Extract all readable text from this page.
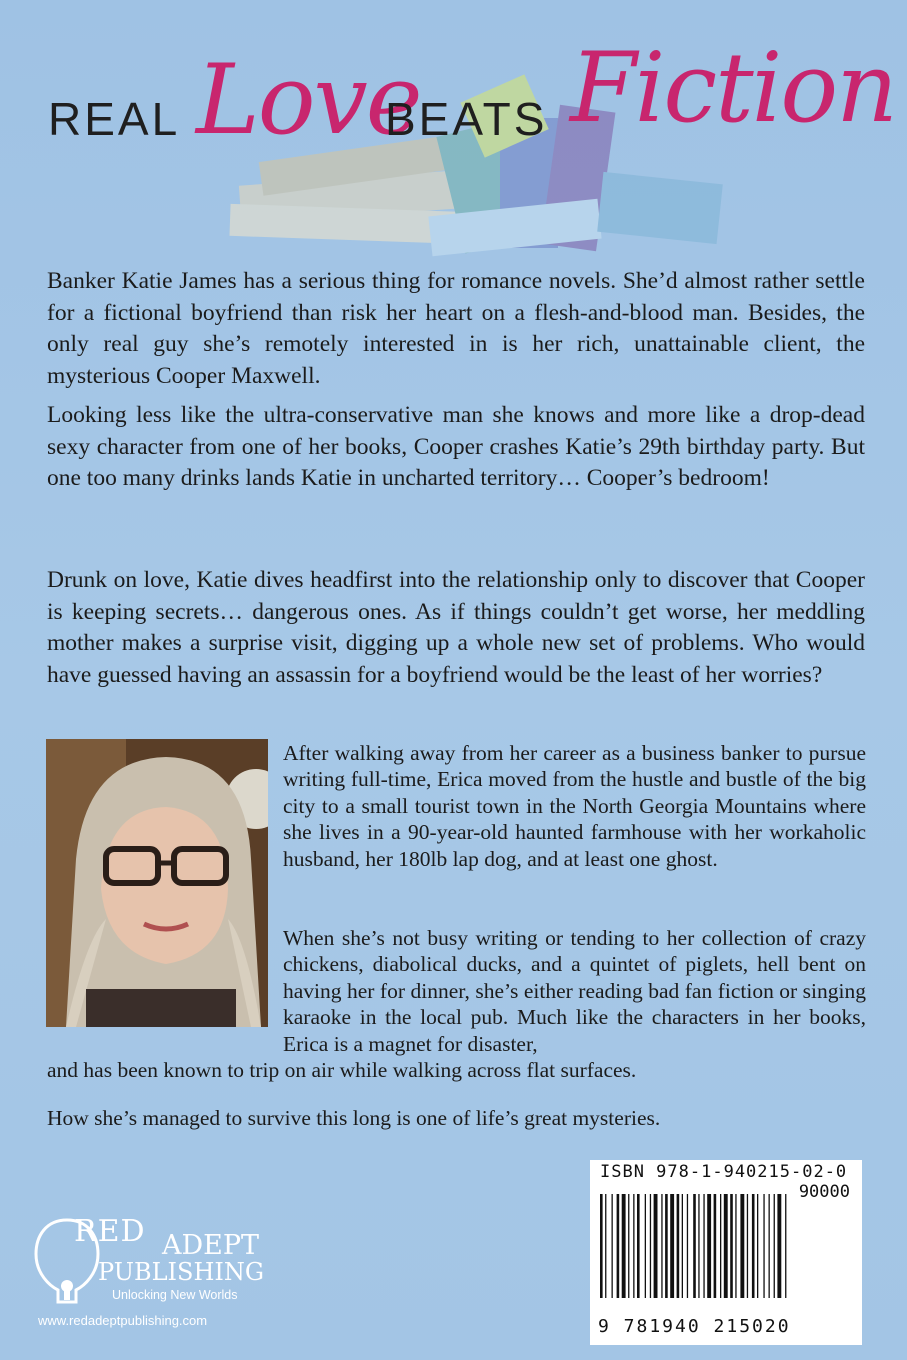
REAL Love
BEATS Fiction

Banker Katie James has a serious thing for romance novels. She’d almost rather settle for a fictional boyfriend than risk her heart on a flesh-and-blood man. Besides, the only real guy she’s remotely interested in is her rich, unattainable client, the mysterious Cooper Maxwell.

Looking less like the ultra-conservative man she knows and more like a drop-dead sexy character from one of her books, Cooper crashes Katie’s 29th birthday party. But one too many drinks lands Katie in uncharted territory… Cooper’s bedroom!

Drunk on love, Katie dives headfirst into the relationship only to discover that Cooper is keeping secrets… dangerous ones. As if things couldn’t get worse, her meddling mother makes a surprise visit, digging up a whole new set of problems. Who would have guessed having an assassin for a boyfriend would be the least of her worries?

After walking away from her career as a business banker to pursue writing full-time, Erica moved from the hustle and bustle of the big city to a small tourist town in the North Georgia Mountains where she lives in a 90-year-old haunted farmhouse with her workaholic husband, her 180lb lap dog, and at least one ghost.

When she’s not busy writing or tending to her collection of crazy chickens, diabolical ducks, and a quintet of piglets, hell bent on having her for dinner, she’s either reading bad fan fiction or singing karaoke in the local pub. Much like the characters in her books, Erica is a magnet for disaster,

and has been known to trip on air while walking across flat surfaces.

How she’s managed to survive this long is one of life’s great mysteries.

RED ADEPT
PUBLISHING
Unlocking New Worlds
www.redadeptpublishing.com
ISBN 978-1-940215-02-0
90000
9 781940 215020
